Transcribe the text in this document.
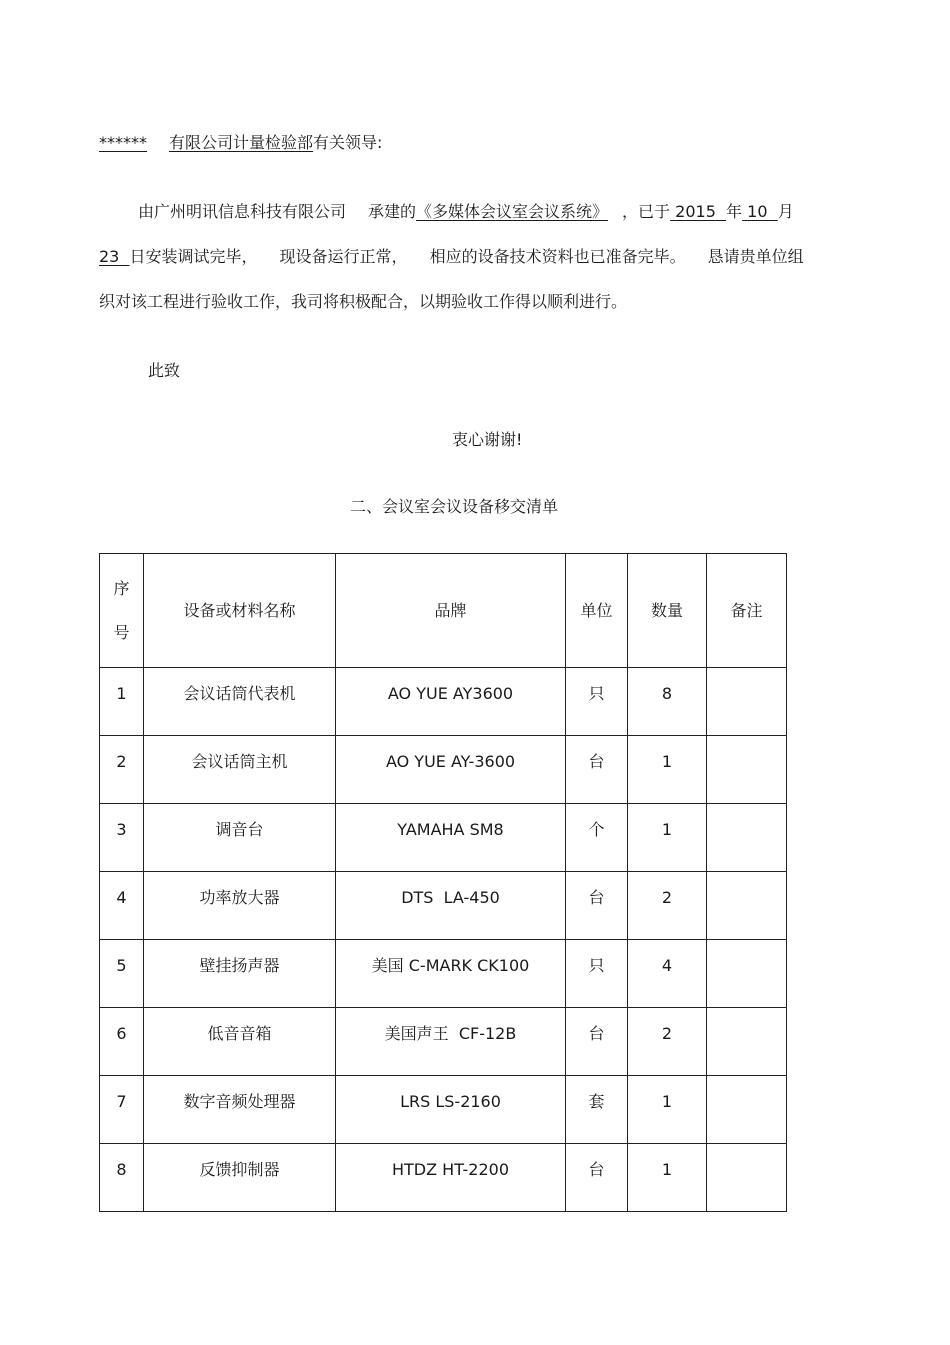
****** 有限公司计量检验部有关领导:
由广州明讯信息科技有限公司 承建的《多媒体会议室会议系统》 ，已于 2015 年 10 月
23 日安装调试完毕， 现设备运行正常， 相应的设备技术资料也已准备完毕。 恳请贵单位组
织对该工程进行验收工作，我司将积极配合，以期验收工作得以顺利进行。
此致
衷心谢谢!
二、会议室会议设备移交清单
序
号	设备或材料名称	品牌	单位	数量	备注
1	会议话筒代表机	AO YUE AY3600	只	8	
2	会议话筒主机	AO YUE AY-3600	台	1	
3	调音台	YAMAHA SM8	个	1	
4	功率放大器	DTS  LA-450	台	2	
5	壁挂扬声器	美国 C-MARK CK100	只	4	
6	低音音箱	美国声王  CF-12B	台	2	
7	数字音频处理器	LRS LS-2160	套	1	
8	反馈抑制器	HTDZ HT-2200	台	1	
